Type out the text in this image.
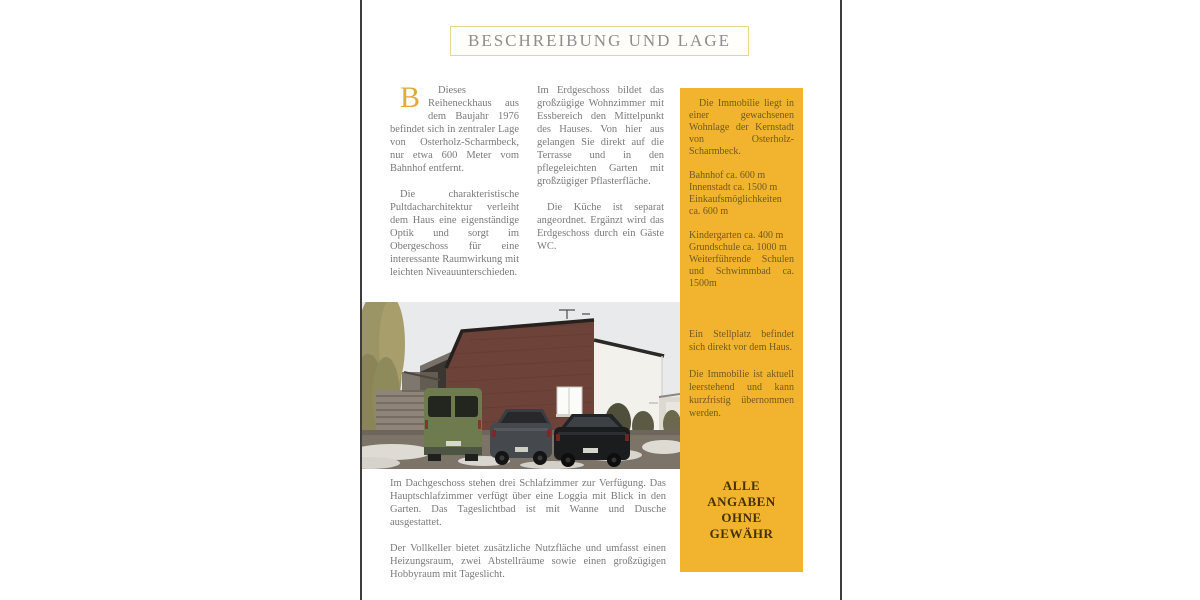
BESCHREIBUNG UND LAGE

B Dieses Reiheneckhaus aus dem Baujahr 1976 befindet sich in zentraler Lage von Osterholz-Scharmbeck, nur etwa 600 Meter vom Bahnhof entfernt.

Die charakteristische Pultdacharchitektur verleiht dem Haus eine eigenständige Optik und sorgt im Obergeschoss für eine interessante Raumwirkung mit leichten Niveauunterschieden.

Im Erdgeschoss bildet das großzügige Wohnzimmer mit Essbereich den Mittelpunkt des Hauses. Von hier aus gelangen Sie direkt auf die Terrasse und in den pflegeleichten Garten mit großzügiger Pflasterfläche.

Die Küche ist separat angeordnet. Ergänzt wird das Erdgeschoss durch ein Gäste WC.

Im Dachgeschoss stehen drei Schlafzimmer zur Verfügung. Das Hauptschlafzimmer verfügt über eine Loggia mit Blick in den Garten. Das Tageslichtbad ist mit Wanne und Dusche ausgestattet.

Der Vollkeller bietet zusätzliche Nutzfläche und umfasst einen Heizungsraum, zwei Abstellräume sowie einen großzügigen Hobbyraum mit Tageslicht.

Die Immobilie liegt in einer gewachsenen Wohnlage der Kernstadt von Osterholz-Scharmbeck.
Bahnhof ca. 600 m
Innenstadt ca. 1500 m
Einkaufsmöglichkeiten ca. 600 m
Kindergarten ca. 400 m
Grundschule ca. 1000 m
Weiterführende Schulen und Schwimmbad ca. 1500m
Ein Stellplatz befindet sich direkt vor dem Haus.
Die Immobilie ist aktuell leerstehend und kann kurzfristig übernommen werden.
ALLE ANGABEN
OHNE GEWÄHR
